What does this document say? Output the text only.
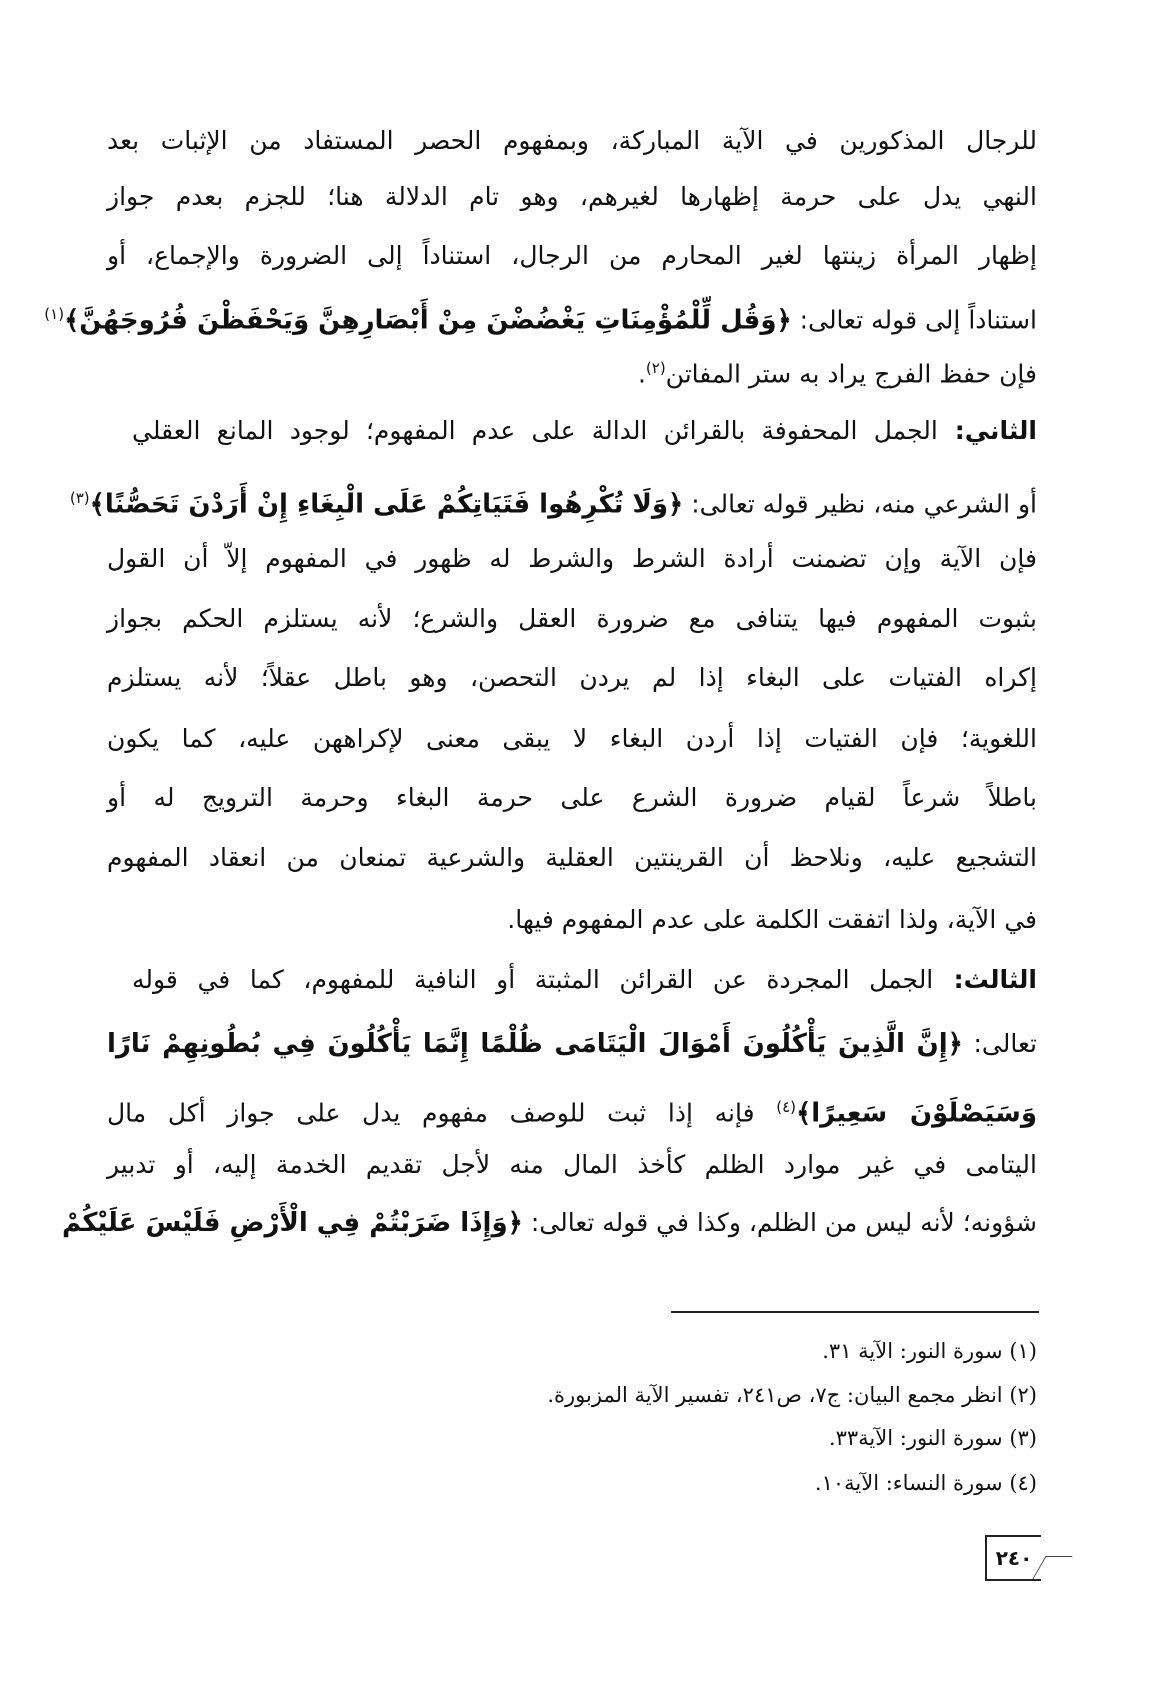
للرجال المذكورين في الآية المباركة، وبمفهوم الحصر المستفاد من الإثبات بعد
النهي يدل على حرمة إظهارها لغيرهم، وهو تام الدلالة هنا؛ للجزم بعدم جواز
إظهار المرأة زينتها لغير المحارم من الرجال، استناداً إلى الضرورة والإجماع، أو
استناداً إلى قوله تعالى: ﴿وَقُل لِّلْمُؤْمِنَاتِ يَغْضُضْنَ مِنْ أَبْصَارِهِنَّ وَيَحْفَظْنَ فُرُوجَهُنَّ﴾$^{(١)}$
فإن حفظ الفرج يراد به ستر المفاتن$^{(٢)}$.
الثاني: الجمل المحفوفة بالقرائن الدالة على عدم المفهوم؛ لوجود المانع العقلي
أو الشرعي منه، نظير قوله تعالى: ﴿وَلَا تُكْرِهُوا فَتَيَاتِكُمْ عَلَى الْبِغَاءِ إِنْ أَرَدْنَ تَحَصُّنًا﴾$^{(٣)}$
فإن الآية وإن تضمنت أرادة الشرط والشرط له ظهور في المفهوم إلاّ أن القول
بثبوت المفهوم فيها يتنافى مع ضرورة العقل والشرع؛ لأنه يستلزم الحكم بجواز
إكراه الفتيات على البغاء إذا لم يردن التحصن، وهو باطل عقلاً؛ لأنه يستلزم
اللغوية؛ فإن الفتيات إذا أردن البغاء لا يبقى معنى لإكراههن عليه، كما يكون
باطلاً شرعاً لقيام ضرورة الشرع على حرمة البغاء وحرمة الترويج له أو
التشجيع عليه، ونلاحظ أن القرينتين العقلية والشرعية تمنعان من انعقاد المفهوم
في الآية، ولذا اتفقت الكلمة على عدم المفهوم فيها.
الثالث: الجمل المجردة عن القرائن المثبتة أو النافية للمفهوم، كما في قوله
تعالى: ﴿إِنَّ الَّذِينَ يَأْكُلُونَ أَمْوَالَ الْيَتَامَى ظُلْمًا إِنَّمَا يَأْكُلُونَ فِي بُطُونِهِمْ نَارًا
وَسَيَصْلَوْنَ سَعِيرًا﴾$^{(٤)}$ فإنه إذا ثبت للوصف مفهوم يدل على جواز أكل مال
اليتامى في غير موارد الظلم كأخذ المال منه لأجل تقديم الخدمة إليه، أو تدبير
شؤونه؛ لأنه ليس من الظلم، وكذا في قوله تعالى: ﴿وَإِذَا ضَرَبْتُمْ فِي الْأَرْضِ فَلَيْسَ عَلَيْكُمْ
(١) سورة النور: الآية ٣١.
(٢) انظر مجمع البيان: ج٧، ص٢٤١، تفسير الآية المزبورة.
(٣) سورة النور: الآية٣٣.
(٤) سورة النساء: الآية١٠.
٢٤٠
